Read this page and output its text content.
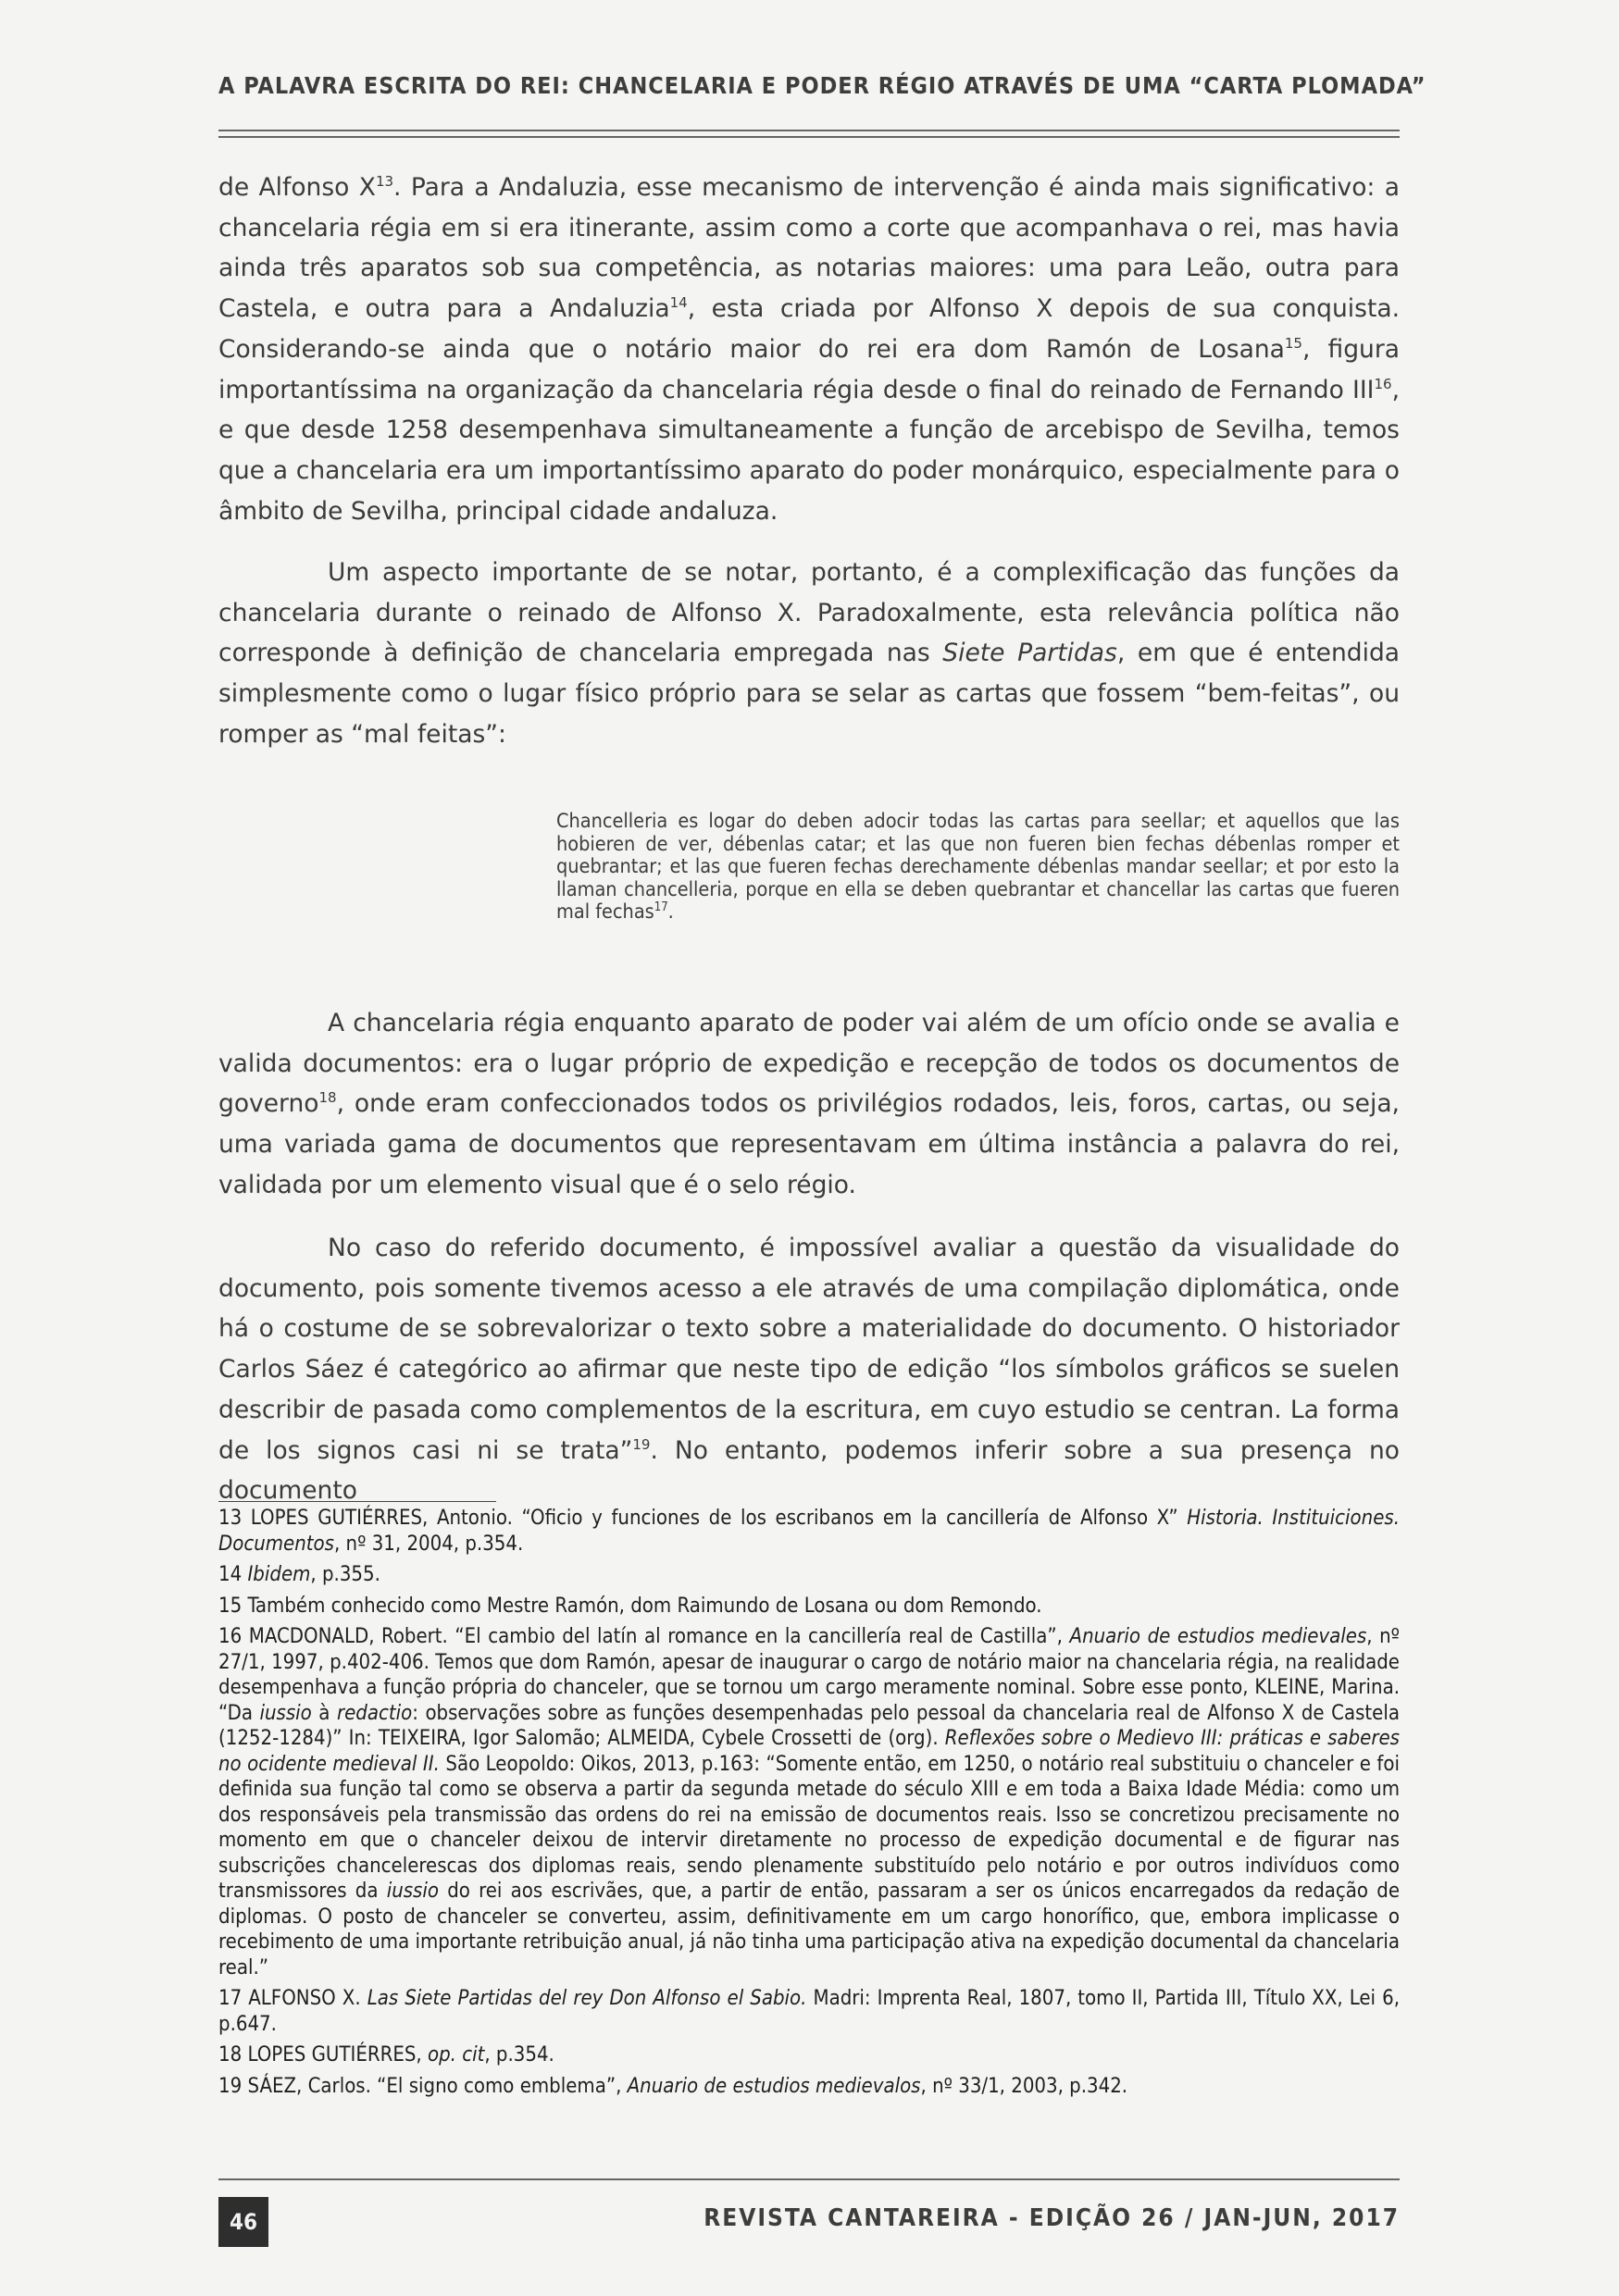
A PALAVRA ESCRITA DO REI: CHANCELARIA E PODER RÉGIO ATRAVÉS DE UMA “CARTA PLOMADA”

de Alfonso X$^{13}$. Para a Andaluzia, esse mecanismo de intervenção é ainda mais significativo: a chancelaria régia em si era itinerante, assim como a corte que acompanhava o rei, mas havia ainda três aparatos sob sua competência, as notarias maiores: uma para Leão, outra para Castela, e outra para a Andaluzia$^{14}$, esta criada por Alfonso X depois de sua conquista. Considerando-se ainda que o notário maior do rei era dom Ramón de Losana$^{15}$, figura importantíssima na organização da chancelaria régia desde o final do reinado de Fernando III$^{16}$, e que desde 1258 desempenhava simultaneamente a função de arcebispo de Sevilha, temos que a chancelaria era um importantíssimo aparato do poder monárquico, especialmente para o âmbito de Sevilha, principal cidade andaluza.

Um aspecto importante de se notar, portanto, é a complexificação das funções da chancelaria durante o reinado de Alfonso X. Paradoxalmente, esta relevância política não corresponde à definição de chancelaria empregada nas Siete Partidas, em que é entendida simplesmente como o lugar físico próprio para se selar as cartas que fossem “bem-feitas”, ou romper as “mal feitas”:

Chancelleria es logar do deben adocir todas las cartas para seellar; et aquellos que las hobieren de ver, débenlas catar; et las que non fueren bien fechas débenlas romper et quebrantar; et las que fueren fechas derechamente débenlas mandar seellar; et por esto la llaman chancelleria, porque en ella se deben quebrantar et chancellar las cartas que fueren mal fechas$^{17}$.

A chancelaria régia enquanto aparato de poder vai além de um ofício onde se avalia e valida documentos: era o lugar próprio de expedição e recepção de todos os documentos de governo$^{18}$, onde eram confeccionados todos os privilégios rodados, leis, foros, cartas, ou seja, uma variada gama de documentos que representavam em última instância a palavra do rei, validada por um elemento visual que é o selo régio.

No caso do referido documento, é impossível avaliar a questão da visualidade do documento, pois somente tivemos acesso a ele através de uma compilação diplomática, onde há o costume de se sobrevalorizar o texto sobre a materialidade do documento. O historiador Carlos Sáez é categórico ao afirmar que neste tipo de edição “los símbolos gráficos se suelen describir de pasada como complementos de la escritura, em cuyo estudio se centran. La forma de los signos casi ni se trata”$^{19}$. No entanto, podemos inferir sobre a sua presença no documento

13 LOPES GUTIÉRRES, Antonio. “Oficio y funciones de los escribanos em la cancillería de Alfonso X” Historia. Instituiciones. Documentos, nº 31, 2004, p.354.

14 Ibidem, p.355.

15 Também conhecido como Mestre Ramón, dom Raimundo de Losana ou dom Remondo.

16 MACDONALD, Robert. “El cambio del latín al romance en la cancillería real de Castilla”, Anuario de estudios medievales, nº 27/1, 1997, p.402-406. Temos que dom Ramón, apesar de inaugurar o cargo de notário maior na chancelaria régia, na realidade desempenhava a função própria do chanceler, que se tornou um cargo meramente nominal. Sobre esse ponto, KLEINE, Marina. “Da iussio à redactio: observações sobre as funções desempenhadas pelo pessoal da chancelaria real de Alfonso X de Castela (1252-1284)” In: TEIXEIRA, Igor Salomão; ALMEIDA, Cybele Crossetti de (org). Reflexões sobre o Medievo III: práticas e saberes no ocidente medieval II. São Leopoldo: Oikos, 2013, p.163: “Somente então, em 1250, o notário real substituiu o chanceler e foi definida sua função tal como se observa a partir da segunda metade do século XIII e em toda a Baixa Idade Média: como um dos responsáveis pela transmissão das ordens do rei na emissão de documentos reais. Isso se concretizou precisamente no momento em que o chanceler deixou de intervir diretamente no processo de expedição documental e de figurar nas subscrições chancelerescas dos diplomas reais, sendo plenamente substituído pelo notário e por outros indivíduos como transmissores da iussio do rei aos escrivães, que, a partir de então, passaram a ser os únicos encarregados da redação de diplomas. O posto de chanceler se converteu, assim, definitivamente em um cargo honorífico, que, embora implicasse o recebimento de uma importante retribuição anual, já não tinha uma participação ativa na expedição documental da chancelaria real.”

17 ALFONSO X. Las Siete Partidas del rey Don Alfonso el Sabio. Madri: Imprenta Real, 1807, tomo II, Partida III, Título XX, Lei 6, p.647.

18 LOPES GUTIÉRRES, op. cit, p.354.

19 SÁEZ, Carlos. “El signo como emblema”, Anuario de estudios medievalos, nº 33/1, 2003, p.342.

46	REVISTA CANTAREIRA - EDIÇÃO 26 / JAN-JUN, 2017
